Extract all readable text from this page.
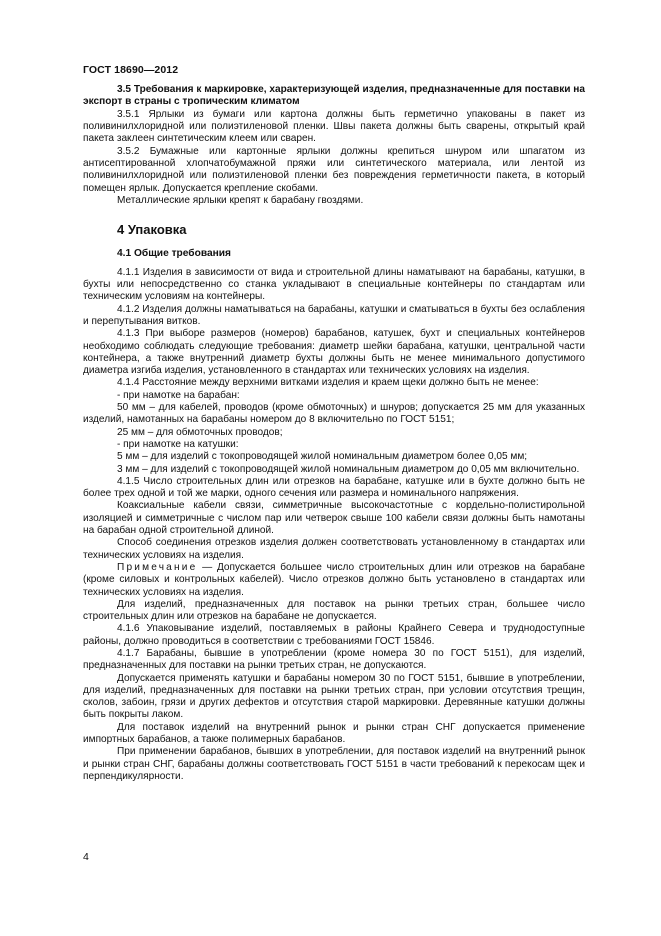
ГОСТ 18690—2012

3.5 Требования к маркировке, характеризующей изделия, предназначенные для поставки на экспорт в страны с тропическим климатом

3.5.1 Ярлыки из бумаги или картона должны быть герметично упакованы в пакет из поливинилхлоридной или полиэтиленовой пленки. Швы пакета должны быть сварены, открытый край пакета заклеен синтетическим клеем или сварен.

3.5.2 Бумажные или картонные ярлыки должны крепиться шнуром или шпагатом из антисептированной хлопчатобумажной пряжи или синтетического материала, или лентой из поливинилхлоридной или полиэтиленовой пленки без повреждения герметичности пакета, в который помещен ярлык. Допускается крепление скобами.

Металлические ярлыки крепят к барабану гвоздями.

4 Упаковка
4.1 Общие требования

4.1.1 Изделия в зависимости от вида и строительной длины наматывают на барабаны, катушки, в бухты или непосредственно со станка укладывают в специальные контейнеры по стандартам или техническим условиям на контейнеры.

4.1.2 Изделия должны наматываться на барабаны, катушки и сматываться в бухты без ослабления и перепутывания витков.

4.1.3 При выборе размеров (номеров) барабанов, катушек, бухт и специальных контейнеров необходимо соблюдать следующие требования: диаметр шейки барабана, катушки, центральной части контейнера, а также внутренний диаметр бухты должны быть не менее минимального допустимого диаметра изгиба изделия, установленного в стандартах или технических условиях на изделия.

4.1.4 Расстояние между верхними витками изделия и краем щеки должно быть не менее:

- при намотке на барабан:

50 мм – для кабелей, проводов (кроме обмоточных) и шнуров; допускается 25 мм для указанных изделий, намотанных на барабаны номером до 8 включительно по ГОСТ 5151;

25 мм – для обмоточных проводов;

- при намотке на катушки:

5 мм – для изделий с токопроводящей жилой номинальным диаметром более 0,05 мм;

3 мм – для изделий с токопроводящей жилой номинальным диаметром до 0,05 мм включительно.

4.1.5 Число строительных длин или отрезков на барабане, катушке или в бухте должно быть не более трех одной и той же марки, одного сечения или размера и номинального напряжения.

Коаксиальные кабели связи, симметричные высокочастотные с кордельно-полистирольной изоляцией и симметричные с числом пар или четверок свыше 100 кабели связи должны быть намотаны на барабан одной строительной длиной.

Способ соединения отрезков изделия должен соответствовать установленному в стандартах или технических условиях на изделия.

Примечание — Допускается большее число строительных длин или отрезков на барабане (кроме силовых и контрольных кабелей). Число отрезков должно быть установлено в стандартах или технических условиях на изделия.

Для изделий, предназначенных для поставок на рынки третьих стран, большее число строительных длин или отрезков на барабане не допускается.

4.1.6 Упаковывание изделий, поставляемых в районы Крайнего Севера и труднодоступные районы, должно проводиться в соответствии с требованиями ГОСТ 15846.

4.1.7 Барабаны, бывшие в употреблении (кроме номера 30 по ГОСТ 5151), для изделий, предназначенных для поставки на рынки третьих стран, не допускаются.

Допускается применять катушки и барабаны номером 30 по ГОСТ 5151, бывшие в употреблении, для изделий, предназначенных для поставки на рынки третьих стран, при условии отсутствия трещин, сколов, забоин, грязи и других дефектов и отсутствия старой маркировки. Деревянные катушки должны быть покрыты лаком.

Для поставок изделий на внутренний рынок и рынки стран СНГ допускается применение импортных барабанов, а также полимерных барабанов.

При применении барабанов, бывших в употреблении, для поставок изделий на внутренний рынок и рынки стран СНГ, барабаны должны соответствовать ГОСТ 5151 в части требований к перекосам щек и перпендикулярности.

4
